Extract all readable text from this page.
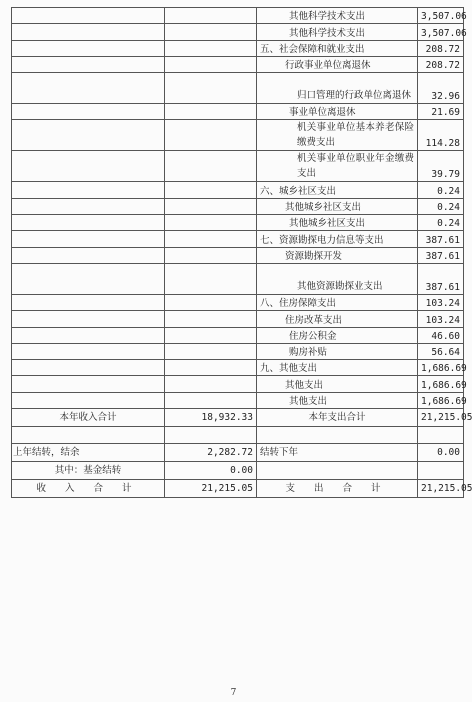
		其他科学技术支出	3,507.06
		其他科学技术支出	3,507.06
		五、社会保障和就业支出	208.72
		行政事业单位离退休	208.72
		归口管理的行政单位离退休	32.96
		事业单位离退休	21.69
		机关事业单位基本养老保险缴费支出	114.28
		机关事业单位职业年金缴费支出	39.79
		六、城乡社区支出	0.24
		其他城乡社区支出	0.24
		其他城乡社区支出	0.24
		七、资源勘探电力信息等支出	387.61
		资源勘探开发	387.61
		其他资源勘探业支出	387.61
		八、住房保障支出	103.24
		住房改革支出	103.24
		住房公积金	46.60
		购房补贴	56.64
		九、其他支出	1,686.69
		其他支出	1,686.69
		其他支出	1,686.69
本年收入合计	18,932.33	本年支出合计	21,215.05

上年结转，结余	2,282.72	结转下年	0.00
其中：基金结转	0.00		
收 入 合 计	21,215.05	支 出 合 计	21,215.05
7
